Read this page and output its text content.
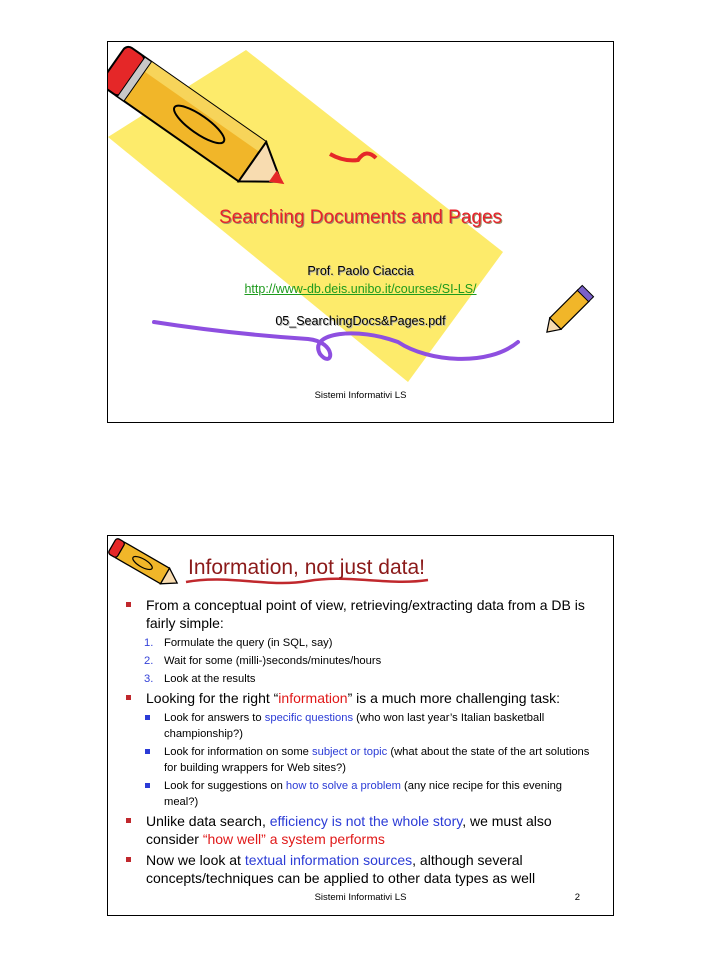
Searching Documents and Pages
Prof. Paolo Ciaccia
http://www-db.deis.unibo.it/courses/SI-LS/
05_SearchingDocs&Pages.pdf
Sistemi Informativi LS
Information, not just data!
From a conceptual point of view, retrieving/extracting data from a DB is fairly simple:
1. Formulate the query (in SQL, say)
2. Wait for some (milli-)seconds/minutes/hours
3. Look at the results
Looking for the right “information” is a much more challenging task:
Look for answers to specific questions (who won last year’s Italian basketball championship?)
Look for information on some subject or topic (what about the state of the art solutions for building wrappers for Web sites?)
Look for suggestions on how to solve a problem (any nice recipe for this evening meal?)
Unlike data search, efficiency is not the whole story, we must also consider “how well” a system performs
Now we look at textual information sources, although several concepts/techniques can be applied to other data types as well
Sistemi Informativi LS	2
